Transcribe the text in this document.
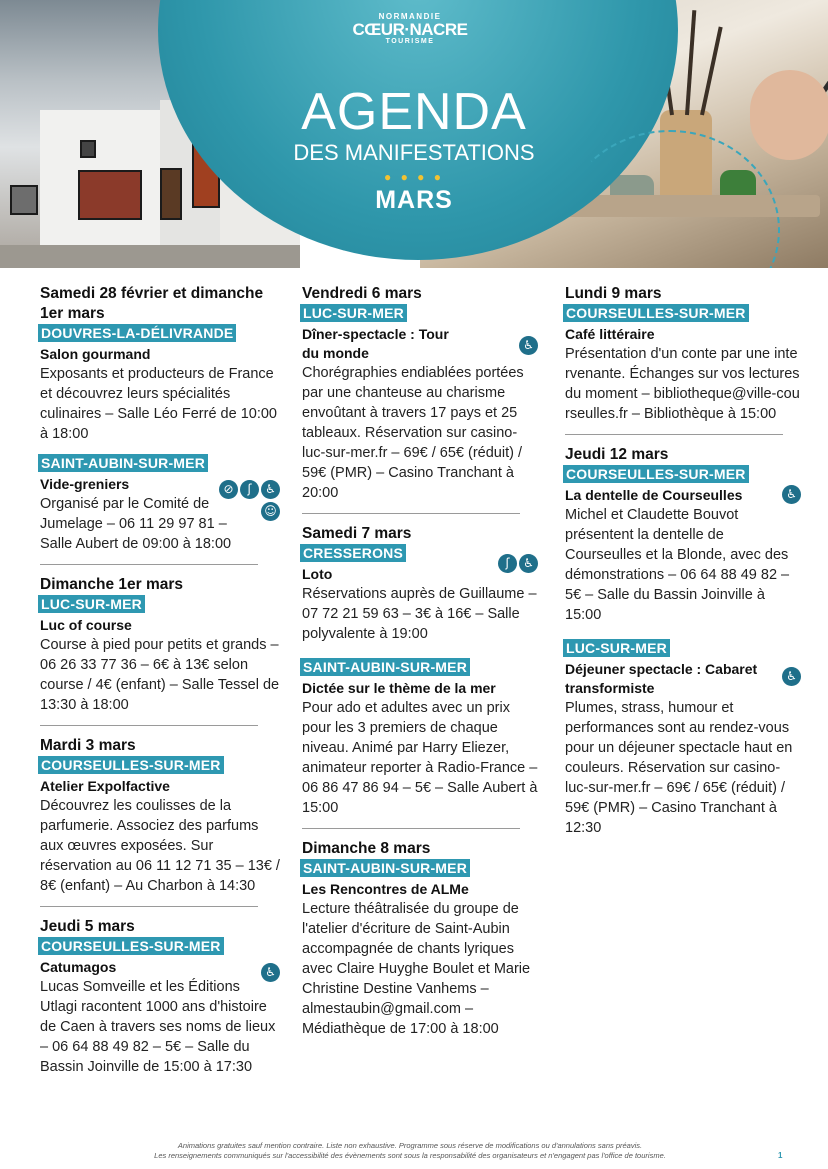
NORMANDIE
CŒUR·NACRE
TOURISME
AGENDA
DES MANIFESTATIONS
● ● ● ●
MARS
Samedi 28 février et dimanche 1er mars
DOUVRES-LA-DÉLIVRANDE
Salon gourmand
Exposants et producteurs de France et découvrez leurs spécialités culinaires – Salle Léo Ferré de 10:00 à 18:00
SAINT-AUBIN-SUR-MER
⊘	ʃ	♿
☺
Vide-greniers
Organisé par le Comité de Jumelage – 06 11 29 97 81 – Salle Aubert de 09:00 à 18:00
Dimanche 1er mars
LUC-SUR-MER
Luc of course
Course à pied pour petits et grands – 06 26 33 77 36 – 6€ à 13€ selon course / 4€ (enfant) – Salle Tessel de 13:30 à 18:00
Mardi 3 mars
COURSEULLES-SUR-MER
Atelier Expolfactive
Découvrez les coulisses de la parfumerie. Associez des parfums aux œuvres exposées. Sur réservation au 06 11 12 71 35 – 13€ / 8€ (enfant) – Au Charbon à 14:30
Jeudi 5 mars
COURSEULLES-SUR-MER
♿
Catumagos
Lucas Somveille et les Éditions Utlagi racontent 1000 ans d'histoire de Caen à travers ses noms de lieux – 06 64 88 49 82 – 5€ – Salle du Bassin Joinville de 15:00 à 17:30
Vendredi 6 mars
LUC-SUR-MER
♿
Dîner-spectacle : Tour du monde
Chorégraphies endiablées portées par une chanteuse au charisme envoûtant à travers 17 pays et 25 tableaux. Réservation sur casino-luc-sur-mer.fr – 69€ / 65€ (réduit) / 59€ (PMR) – Casino Tranchant à 20:00
Samedi 7 mars
CRESSERONS
ʃ	♿
Loto
Réservations auprès de Guillaume – 07 72 21 59 63 – 3€ à 16€ – Salle polyvalente à 19:00
SAINT-AUBIN-SUR-MER
Dictée sur le thème de la mer
Pour ado et adultes avec un prix pour les 3 premiers de chaque niveau. Animé par Harry Eliezer, animateur reporter à Radio-France – 06 86 47 86 94 – 5€ – Salle Aubert à 15:00
Dimanche 8 mars
SAINT-AUBIN-SUR-MER
Les Rencontres de ALMe
Lecture théâtralisée du groupe de l'atelier d'écriture de Saint-Aubin accompagnée de chants lyriques avec Claire Huyghe Boulet et Marie Christine Destine Vanhems – almestaubin@gmail.com – Médiathèque de 17:00 à 18:00
Lundi 9 mars
COURSEULLES-SUR-MER
Café littéraire
Présentation d'un conte par une intervenante. Échanges sur vos lectures du moment – bibliotheque@ville-courseulles.fr – Bibliothèque à 15:00
Jeudi 12 mars
COURSEULLES-SUR-MER
♿
La dentelle de Courseulles
Michel et Claudette Bouvot présentent la dentelle de Courseulles et la Blonde, avec des démonstrations – 06 64 88 49 82 – 5€ – Salle du Bassin Joinville à 15:00
LUC-SUR-MER
♿
Déjeuner spectacle : Cabaret transformiste
Plumes, strass, humour et performances sont au rendez-vous pour un déjeuner spectacle haut en couleurs. Réservation sur casino-luc-sur-mer.fr – 69€ / 65€ (réduit) / 59€ (PMR) – Casino Tranchant à 12:30
Animations gratuites sauf mention contraire. Liste non exhaustive. Programme sous réserve de modifications ou d'annulations sans préavis.
Les renseignements communiqués sur l'accessibilité des évènements sont sous la responsabilité des organisateurs et n'engagent pas l'office de tourisme.	1
